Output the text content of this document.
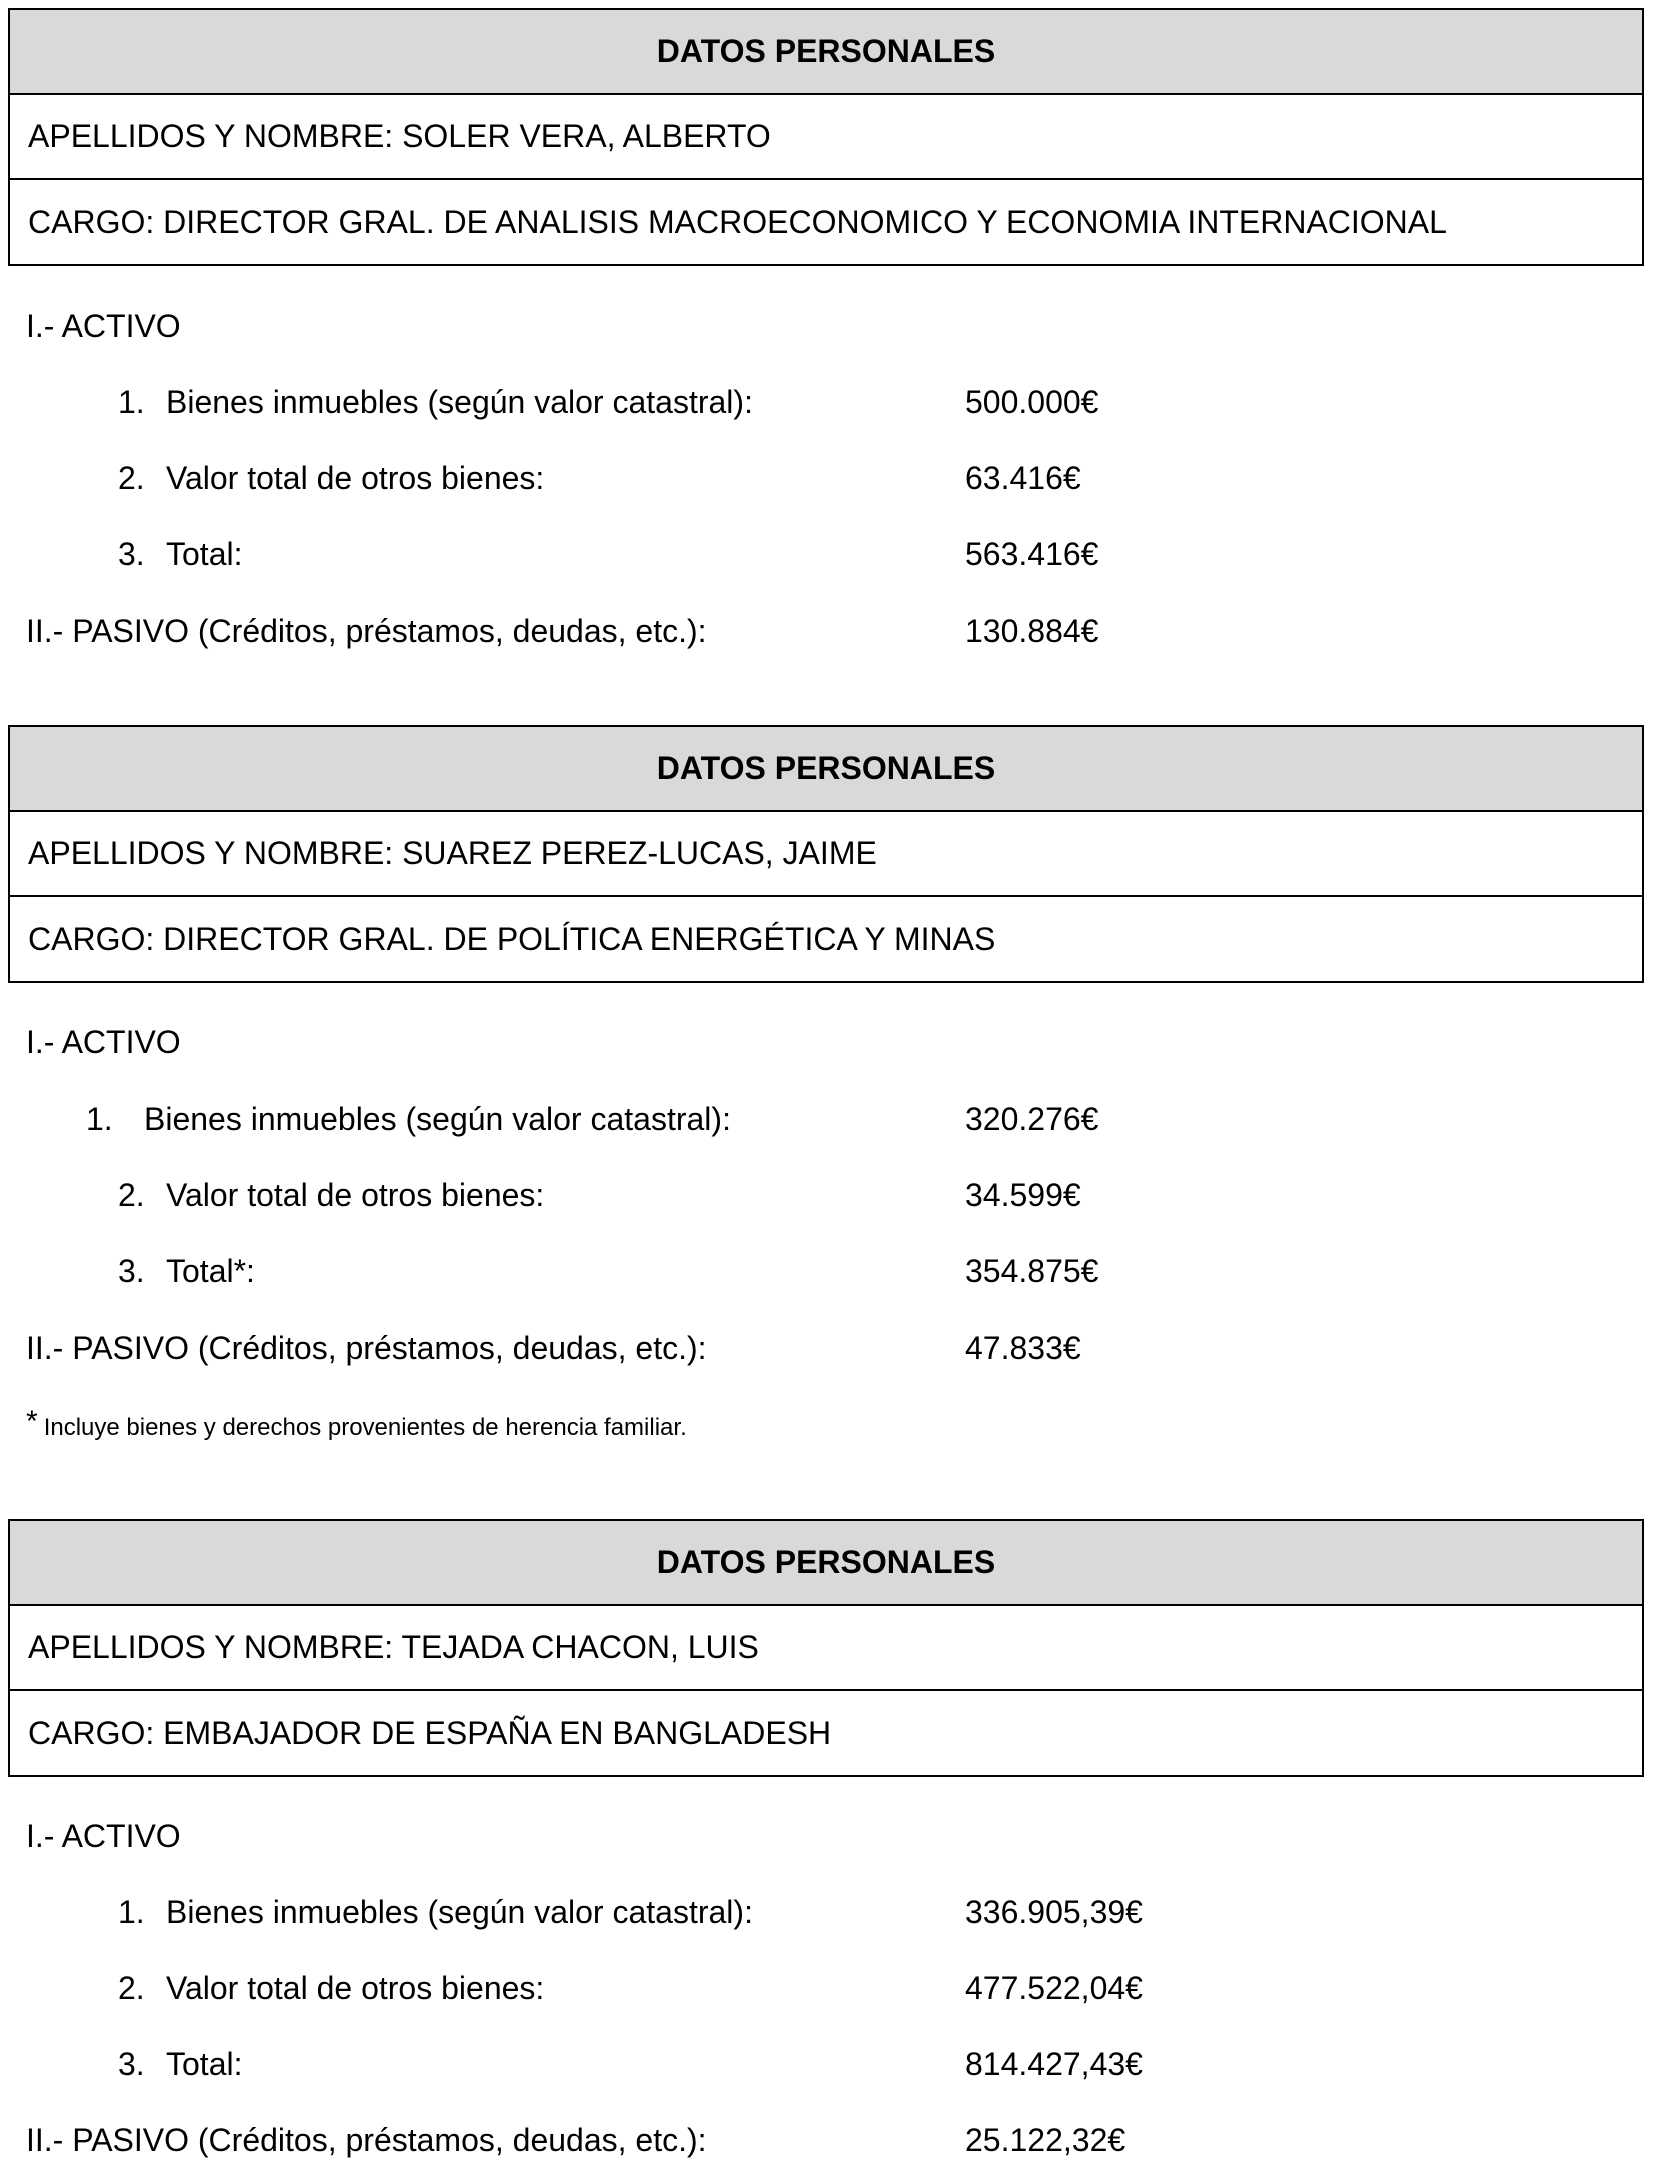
DATOS PERSONALES
APELLIDOS Y NOMBRE: SOLER VERA, ALBERTO
CARGO: DIRECTOR GRAL. DE ANALISIS MACROECONOMICO Y ECONOMIA INTERNACIONAL
I.- ACTIVO
1. Bienes inmuebles (según valor catastral):	500.000€
2. Valor total de otros bienes:	63.416€
3. Total:	563.416€
II.- PASIVO (Créditos, préstamos, deudas, etc.):	130.884€
DATOS PERSONALES
APELLIDOS Y NOMBRE: SUAREZ PEREZ-LUCAS, JAIME
CARGO: DIRECTOR GRAL. DE POLÍTICA ENERGÉTICA Y MINAS
I.- ACTIVO
1. Bienes inmuebles (según valor catastral):	320.276€
2. Valor total de otros bienes:	34.599€
3. Total*:	354.875€
II.- PASIVO (Créditos, préstamos, deudas, etc.):	47.833€
* Incluye bienes y derechos provenientes de herencia familiar.
DATOS PERSONALES
APELLIDOS Y NOMBRE: TEJADA CHACON, LUIS
CARGO: EMBAJADOR DE ESPAÑA EN BANGLADESH
I.- ACTIVO
1. Bienes inmuebles (según valor catastral):	336.905,39€
2. Valor total de otros bienes:	477.522,04€
3. Total:	814.427,43€
II.- PASIVO (Créditos, préstamos, deudas, etc.):	25.122,32€
